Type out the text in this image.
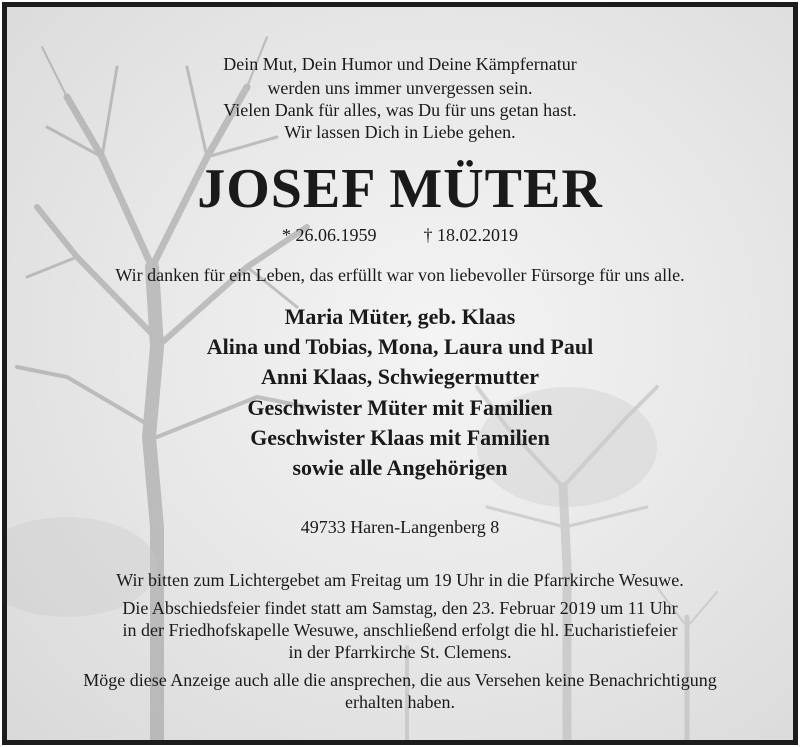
Dein Mut, Dein Humor und Deine Kämpfernatur
werden uns immer unvergessen sein.
Vielen Dank für alles, was Du für uns getan hast.
Wir lassen Dich in Liebe gehen.
JOSEF MÜTER
* 26.06.1959	† 18.02.2019
Wir danken für ein Leben, das erfüllt war von liebevoller Fürsorge für uns alle.
Maria Müter, geb. Klaas
Alina und Tobias, Mona, Laura und Paul
Anni Klaas, Schwiegermutter
Geschwister Müter mit Familien
Geschwister Klaas mit Familien
sowie alle Angehörigen
49733 Haren-Langenberg 8
Wir bitten zum Lichtergebet am Freitag um 19 Uhr in die Pfarrkirche Wesuwe.
Die Abschiedsfeier findet statt am Samstag, den 23. Februar 2019 um 11 Uhr
in der Friedhofskapelle Wesuwe, anschließend erfolgt die hl. Eucharistiefeier
in der Pfarrkirche St. Clemens.
Möge diese Anzeige auch alle die ansprechen, die aus Versehen keine Benachrichtigung
erhalten haben.
